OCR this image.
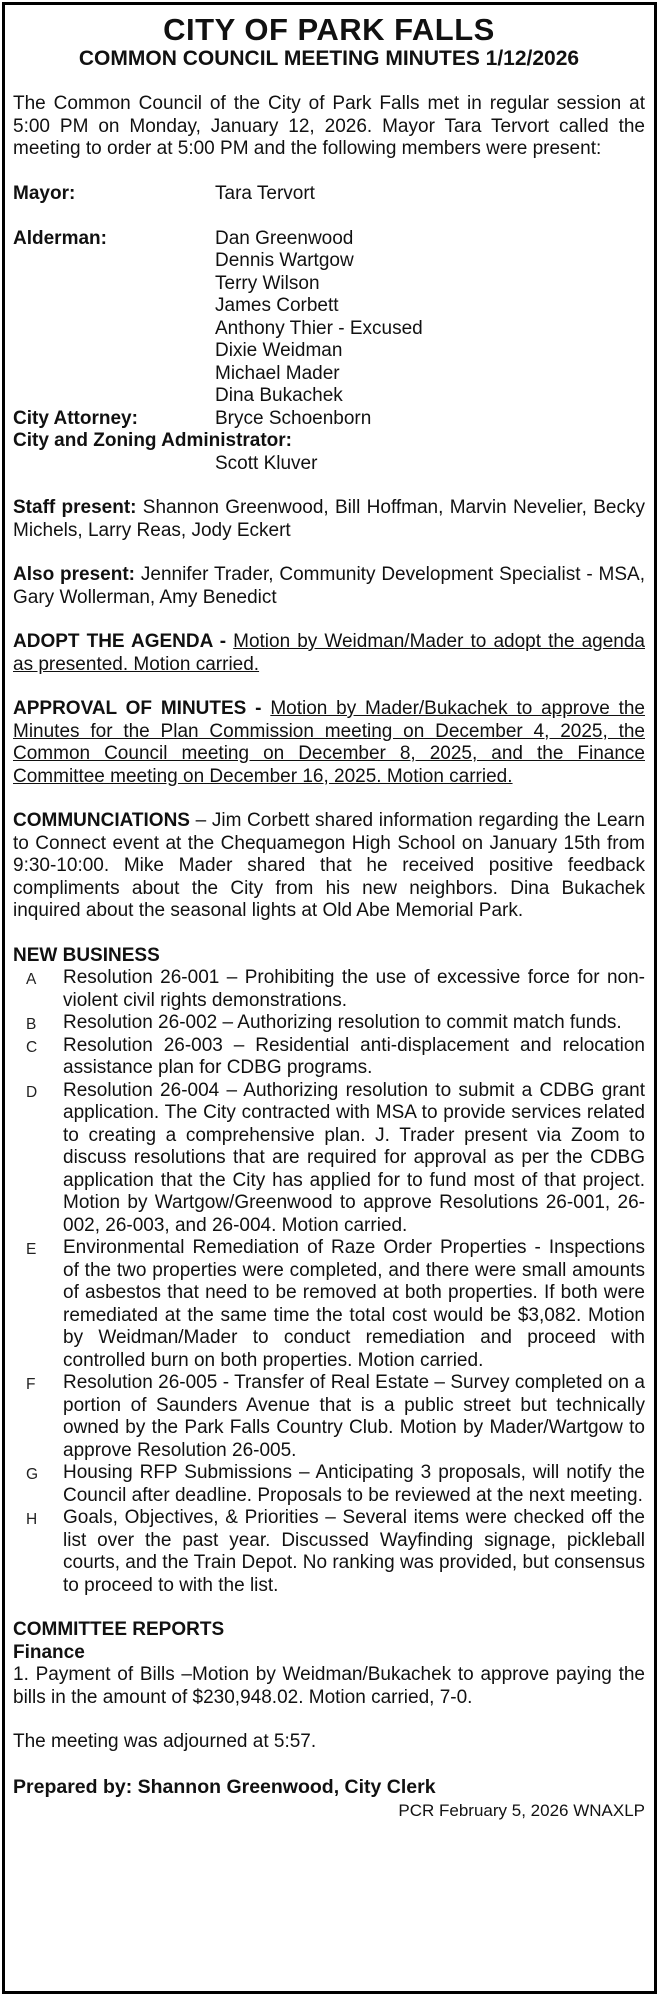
CITY OF PARK FALLS
COMMON COUNCIL MEETING MINUTES 1/12/2026

The Common Council of the City of Park Falls met in regular session at 5:00 PM on Monday, January 12, 2026. Mayor Tara Tervort called the meeting to order at 5:00 PM and the following members were present:

Mayor:	Tara Tervort
Alderman:	Dan Greenwood
Dennis Wartgow
Terry Wilson
James Corbett
Anthony Thier - Excused
Dixie Weidman
Michael Mader
Dina Bukachek
City Attorney:	Bryce Schoenborn
City and Zoning Administrator:
Scott Kluver

Staff present: Shannon Greenwood, Bill Hoffman, Marvin Nevelier, Becky Michels, Larry Reas, Jody Eckert

Also present: Jennifer Trader, Community Development Specialist - MSA, Gary Wollerman, Amy Benedict

ADOPT THE AGENDA - Motion by Weidman/Mader to adopt the agenda as presented. Motion carried.

APPROVAL OF MINUTES - Motion by Mader/Bukachek to approve the Minutes for the Plan Commission meeting on December 4, 2025, the Common Council meeting on December 8, 2025, and the Finance Committee meeting on December 16, 2025. Motion carried.

COMMUNCIATIONS – Jim Corbett shared information regarding the Learn to Connect event at the Chequamegon High School on January 15th from 9:30-10:00. Mike Mader shared that he received positive feedback compliments about the City from his new neighbors. Dina Bukachek inquired about the seasonal lights at Old Abe Memorial Park.

NEW BUSINESS
A Resolution 26-001 – Prohibiting the use of excessive force for non-violent civil rights demonstrations.
B Resolution 26-002 – Authorizing resolution to commit match funds.
C Resolution 26-003 – Residential anti-displacement and relocation assistance plan for CDBG programs.
D Resolution 26-004 – Authorizing resolution to submit a CDBG grant application. The City contracted with MSA to provide services related to creating a comprehensive plan. J. Trader present via Zoom to discuss resolutions that are required for approval as per the CDBG application that the City has applied for to fund most of that project. Motion by Wartgow/Greenwood to approve Resolutions 26-001, 26-002, 26-003, and 26-004. Motion carried.
E Environmental Remediation of Raze Order Properties - Inspections of the two properties were completed, and there were small amounts of asbestos that need to be removed at both properties. If both were remediated at the same time the total cost would be $3,082. Motion by Weidman/Mader to conduct remediation and proceed with controlled burn on both properties. Motion carried.
F Resolution 26-005 - Transfer of Real Estate – Survey completed on a portion of Saunders Avenue that is a public street but technically owned by the Park Falls Country Club. Motion by Mader/Wartgow to approve Resolution 26-005.
G Housing RFP Submissions – Anticipating 3 proposals, will notify the Council after deadline. Proposals to be reviewed at the next meeting.
H Goals, Objectives, & Priorities – Several items were checked off the list over the past year. Discussed Wayfinding signage, pickleball courts, and the Train Depot. No ranking was provided, but consensus to proceed to with the list.
COMMITTEE REPORTS
Finance

1. Payment of Bills –Motion by Weidman/Bukachek to approve paying the bills in the amount of $230,948.02. Motion carried, 7-0.

The meeting was adjourned at 5:57.

Prepared by: Shannon Greenwood, City Clerk

PCR February 5, 2026 WNAXLP
